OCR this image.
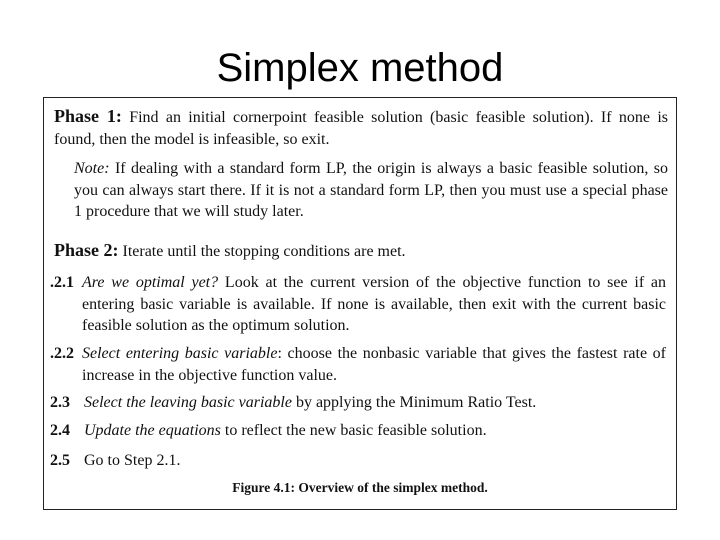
Simplex method
Phase 1: Find an initial cornerpoint feasible solution (basic feasible solution). If none is found, then the model is infeasible, so exit.
Note: If dealing with a standard form LP, the origin is always a basic feasible solution, so you can always start there. If it is not a standard form LP, then you must use a special phase 1 procedure that we will study later.
Phase 2: Iterate until the stopping conditions are met.
.2.1 Are we optimal yet? Look at the current version of the objective function to see if an entering basic variable is available. If none is available, then exit with the current basic feasible solution as the optimum solution.
.2.2 Select entering basic variable: choose the nonbasic variable that gives the fastest rate of increase in the objective function value.
2.3 Select the leaving basic variable by applying the Minimum Ratio Test.
2.4 Update the equations to reflect the new basic feasible solution.
2.5 Go to Step 2.1.
Figure 4.1: Overview of the simplex method.
